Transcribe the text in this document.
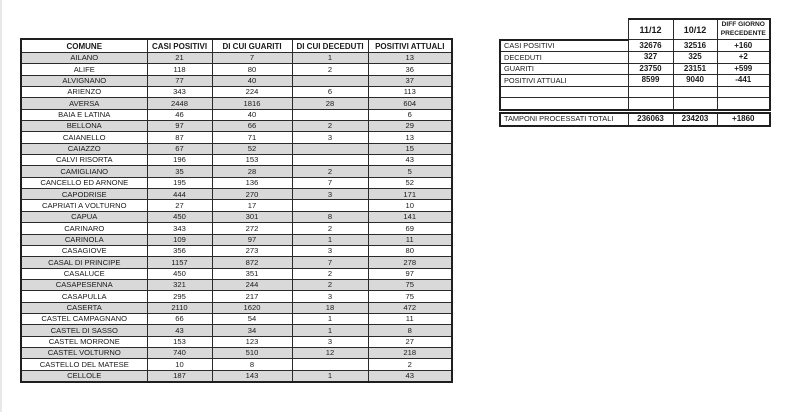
COMUNE	CASI POSITIVI	DI CUI GUARITI	DI CUI DECEDUTI	POSITIVI ATTUALI
AILANO	21	7	1	13
ALIFE	118	80	2	36
ALVIGNANO	77	40		37
ARIENZO	343	224	6	113
AVERSA	2448	1816	28	604
BAIA E LATINA	46	40		6
BELLONA	97	66	2	29
CAIANELLO	87	71	3	13
CAIAZZO	67	52		15
CALVI RISORTA	196	153		43
CAMIGLIANO	35	28	2	5
CANCELLO ED ARNONE	195	136	7	52
CAPODRISE	444	270	3	171
CAPRIATI A VOLTURNO	27	17		10
CAPUA	450	301	8	141
CARINARO	343	272	2	69
CARINOLA	109	97	1	11
CASAGIOVE	356	273	3	80
CASAL DI PRINCIPE	1157	872	7	278
CASALUCE	450	351	2	97
CASAPESENNA	321	244	2	75
CASAPULLA	295	217	3	75
CASERTA	2110	1620	18	472
CASTEL CAMPAGNANO	66	54	1	11
CASTEL DI SASSO	43	34	1	8
CASTEL MORRONE	153	123	3	27
CASTEL VOLTURNO	740	510	12	218
CASTELLO DEL MATESE	10	8		2
CELLOLE	187	143	1	43
	11/12	10/12	DIFF GIORNO PRECEDENTE
CASI POSITIVI	32676	32516	+160
DECEDUTI	327	325	+2
GUARITI	23750	23151	+599
POSITIVI ATTUALI	8599	9040	-441

TAMPONI PROCESSATI TOTALI	236063	234203	+1860
